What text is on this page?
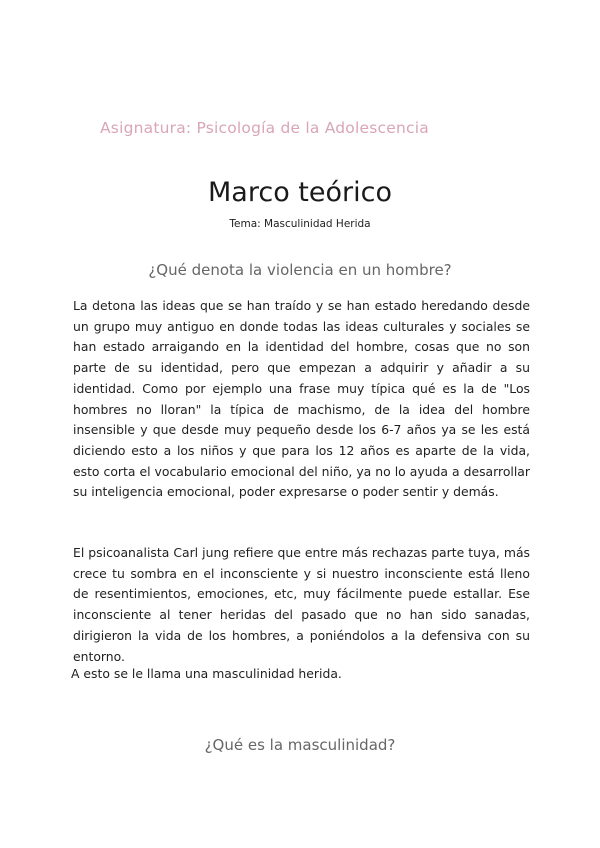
Asignatura: Psicología de la Adolescencia
Marco teórico
Tema: Masculinidad Herida
¿Qué denota la violencia en un hombre?

La detona las ideas que se han traído y se han estado heredando desde un grupo muy antiguo en donde todas las ideas culturales y sociales se han estado arraigando en la identidad del hombre, cosas que no son parte de su identidad, pero que empezan a adquirir y añadir a su identidad. Como por ejemplo una frase muy típica qué es la de "Los hombres no lloran" la típica de machismo, de la idea del hombre insensible y que desde muy pequeño desde los 6-7 años ya se les está diciendo esto a los niños y que para los 12 años es aparte de la vida, esto corta el vocabulario emocional del niño, ya no lo ayuda a desarrollar su inteligencia emocional, poder expresarse o poder sentir y demás.

El psicoanalista Carl jung refiere que entre más rechazas parte tuya, más crece tu sombra en el inconsciente y si nuestro inconsciente está lleno de resentimientos, emociones, etc, muy fácilmente puede estallar. Ese inconsciente al tener heridas del pasado que no han sido sanadas, dirigieron la vida de los hombres, a poniéndolos a la defensiva con su entorno.

A esto se le llama una masculinidad herida.

¿Qué es la masculinidad?
